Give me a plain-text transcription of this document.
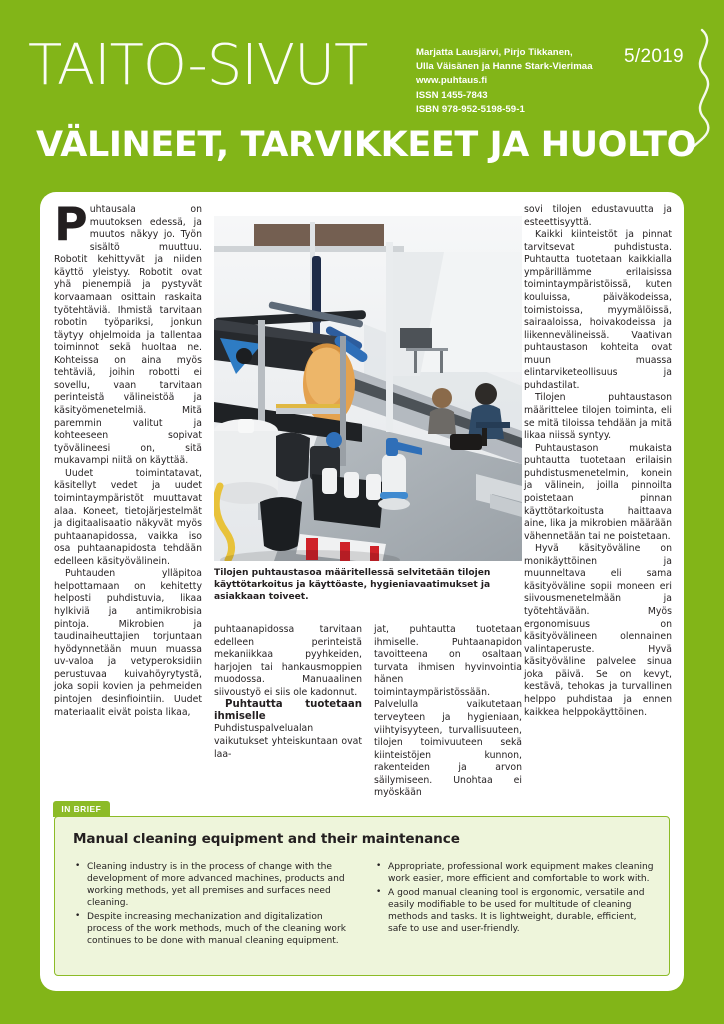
TAITO-SIVUT	Marjatta Lausjärvi, Pirjo Tikkanen,
Ulla Väisänen ja Hanne Stark-Vierimaa
www.puhtaus.fi
ISSN 1455-7843
ISBN 978-952-5198-59-1
5/2019
VÄLINEET, TARVIKKEET JA HUOLTO

Puhtausala on muutoksen edessä, ja muutos näkyy jo. Työn sisältö muuttuu. Robotit kehittyvät ja niiden käyttö yleistyy. Robotit ovat yhä pienempiä ja pystyvät korvaamaan osittain raskaita työtehtäviä. Ihmistä tarvitaan robotin työpariksi, jonkun täytyy ohjelmoida ja tallentaa toiminnot sekä huoltaa ne. Kohteissa on aina myös tehtäviä, joihin robotti ei sovellu, vaan tarvitaan perinteistä välineistöä ja käsityömenetelmiä. Mitä paremmin valitut ja kohteeseen sopivat työvälineesi on, sitä mukavampi niitä on käyttää.

Uudet toimintatavat, käsitellyt vedet ja uudet toimintaympäristöt muuttavat alaa. Koneet, tietojärjestelmät ja digitaalisaatio näkyvät myös puhtaanapidossa, vaikka iso osa puhtaanapidosta tehdään edelleen käsityövälinein.

Puhtauden ylläpitoa helpottamaan on kehitetty helposti puhdistuvia, likaa hylkiviä ja antimikrobisia pintoja. Mikrobien ja taudinaiheuttajien torjuntaan hyödynnetään muun muassa uv-valoa ja vetyperoksidiin perustuvaa kuivahöyrytystä, joka sopii kovien ja pehmeiden pintojen desinfiointiin. Uudet materiaalit eivät poista likaa,

Tilojen puhtaustasoa määritellessä selvitetään tilojen käyttötarkoitus ja käyttöaste, hygieniavaatimukset ja asiakkaan toiveet.

puhtaanapidossa tarvitaan edelleen perinteistä mekaniikkaa pyyhkeiden, harjojen tai hankausmoppien muodossa. Manuaalinen siivoustyö ei siis ole kadonnut.

Puhtautta tuotetaan ihmiselle

Puhdistuspalvelualan vaikutukset yhteiskuntaan ovat laa-

jat, puhtautta tuotetaan ihmiselle. Puhtaanapidon tavoitteena on osaltaan turvata ihmisen hyvinvointia hänen toimintaympäristössään. Palvelulla vaikutetaan terveyteen ja hygieniaan, viihtyisyyteen, turvallisuuteen, tilojen toimivuuteen sekä kiinteistöjen kunnon, rakenteiden ja arvon säilymiseen. Unohtaa ei myöskään

sovi tilojen edustavuutta ja esteettisyyttä.

Kaikki kiinteistöt ja pinnat tarvitsevat puhdistusta. Puhtautta tuotetaan kaikkialla ympärillämme erilaisissa toimintaympäristöissä, kuten kouluissa, päiväkodeissa, toimistoissa, myymälöissä, sairaaloissa, hoivakodeissa ja liikennevälineissä. Vaativan puhtaustason kohteita ovat muun muassa elintarviketeollisuus ja puhdastilat.

Tilojen puhtaustason määrittelee tilojen toiminta, eli se mitä tiloissa tehdään ja mitä likaa niissä syntyy.

Puhtaustason mukaista puhtautta tuotetaan erilaisin puhdistusmenetelmin, konein ja välinein, joilla pinnoilta poistetaan pinnan käyttötarkoitusta haittaava aine, lika ja mikrobien määrään vähennetään tai ne poistetaan.

Hyvä käsityöväline on monikäyttöinen ja muunneltava eli sama käsityöväline sopii moneen eri siivousmenetelmään ja työtehtävään. Myös ergonomisuus on käsityövälineen olennainen valintaperuste. Hyvä käsityöväline palvelee sinua joka päivä. Se on kevyt, kestävä, tehokas ja turvallinen helppo puhdistaa ja ennen kaikkea helppokäyttöinen.

IN BRIEF
Manual cleaning equipment and their maintenance
• Cleaning industry is in the process of change with the development of more advanced machines, products and working methods, yet all premises and surfaces need cleaning.
• Despite increasing mechanization and digitalization process of the work methods, much of the cleaning work continues to be done with manual cleaning equipment.
• Appropriate, professional work equipment makes cleaning work easier, more efficient and comfortable to work with.
• A good manual cleaning tool is ergonomic, versatile and easily modifiable to be used for multitude of cleaning methods and tasks. It is lightweight, durable, efficient, safe to use and user-friendly.
